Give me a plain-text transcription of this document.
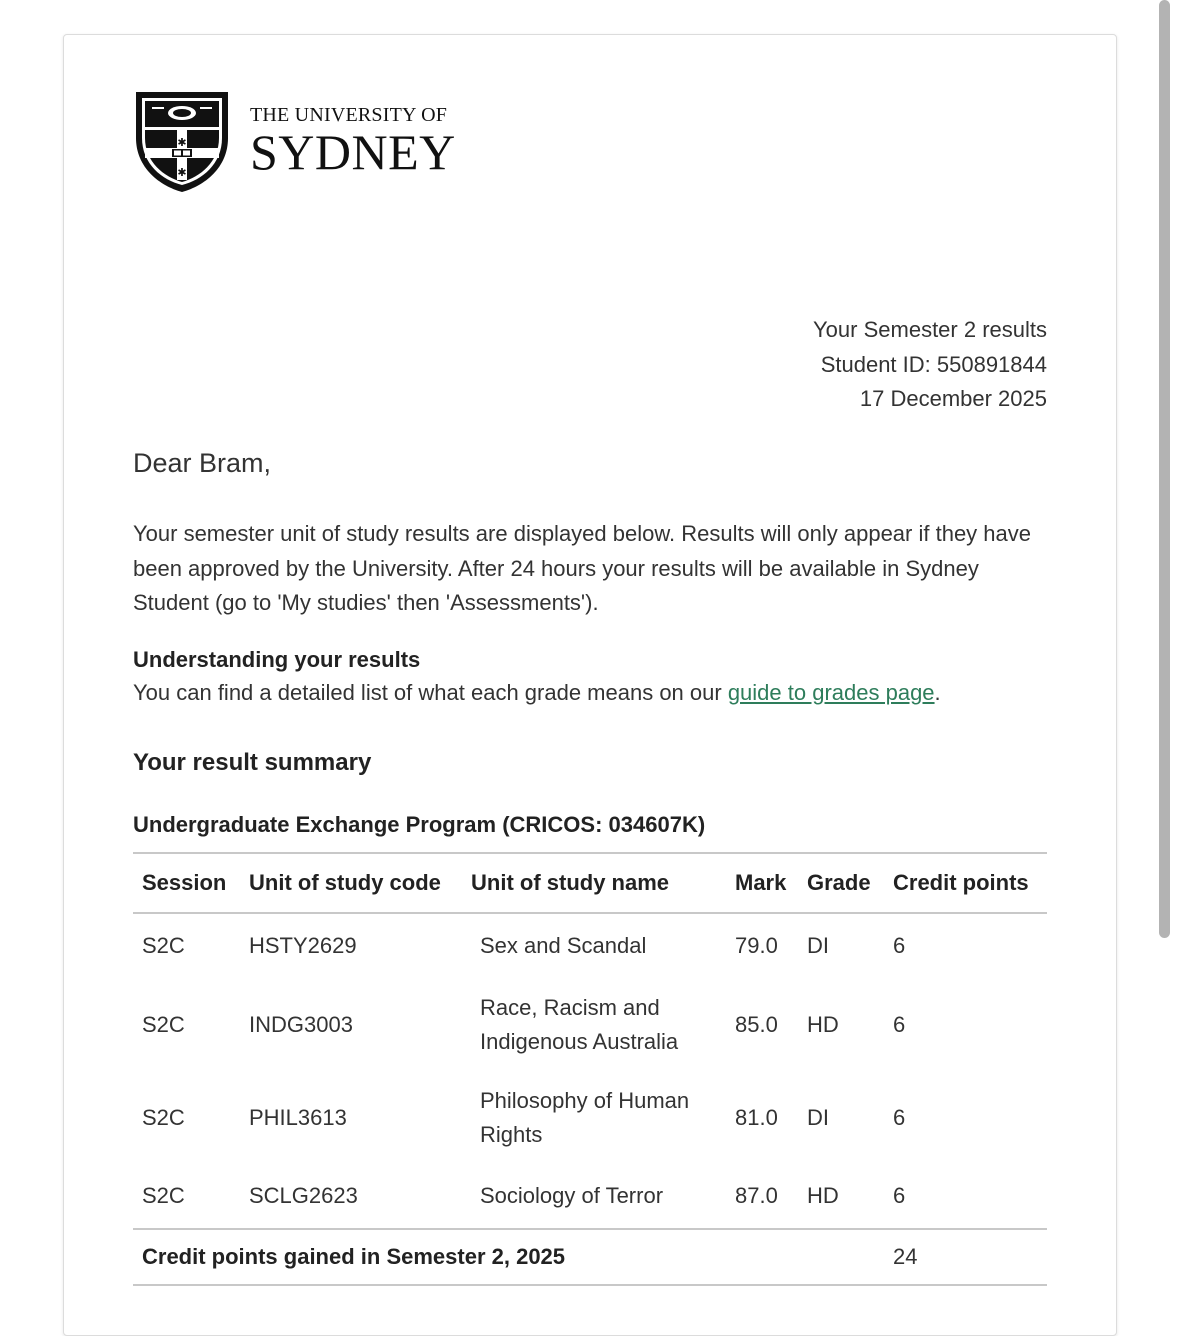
✱
✱	✱
✱
THE UNIVERSITY OF
SYDNEY
Your Semester 2 results
Student ID: 550891844
17 December 2025
Dear Bram,

Your semester unit of study results are displayed below. Results will only appear if they have been approved by the University. After 24 hours your results will be available in Sydney Student (go to 'My studies' then 'Assessments').

Understanding your results
You can find a detailed list of what each grade means on our guide to grades page.
Your result summary
Undergraduate Exchange Program (CRICOS: 034607K)
Session	Unit of study code	Unit of study name	Mark	Grade	Credit points
S2C	HSTY2629	Sex and Scandal	79.0	DI	6
S2C	INDG3003	Race, Racism and Indigenous Australia	85.0	HD	6
S2C	PHIL3613	Philosophy of Human Rights	81.0	DI	6
S2C	SCLG2623	Sociology of Terror	87.0	HD	6
Credit points gained in Semester 2, 2025					24
